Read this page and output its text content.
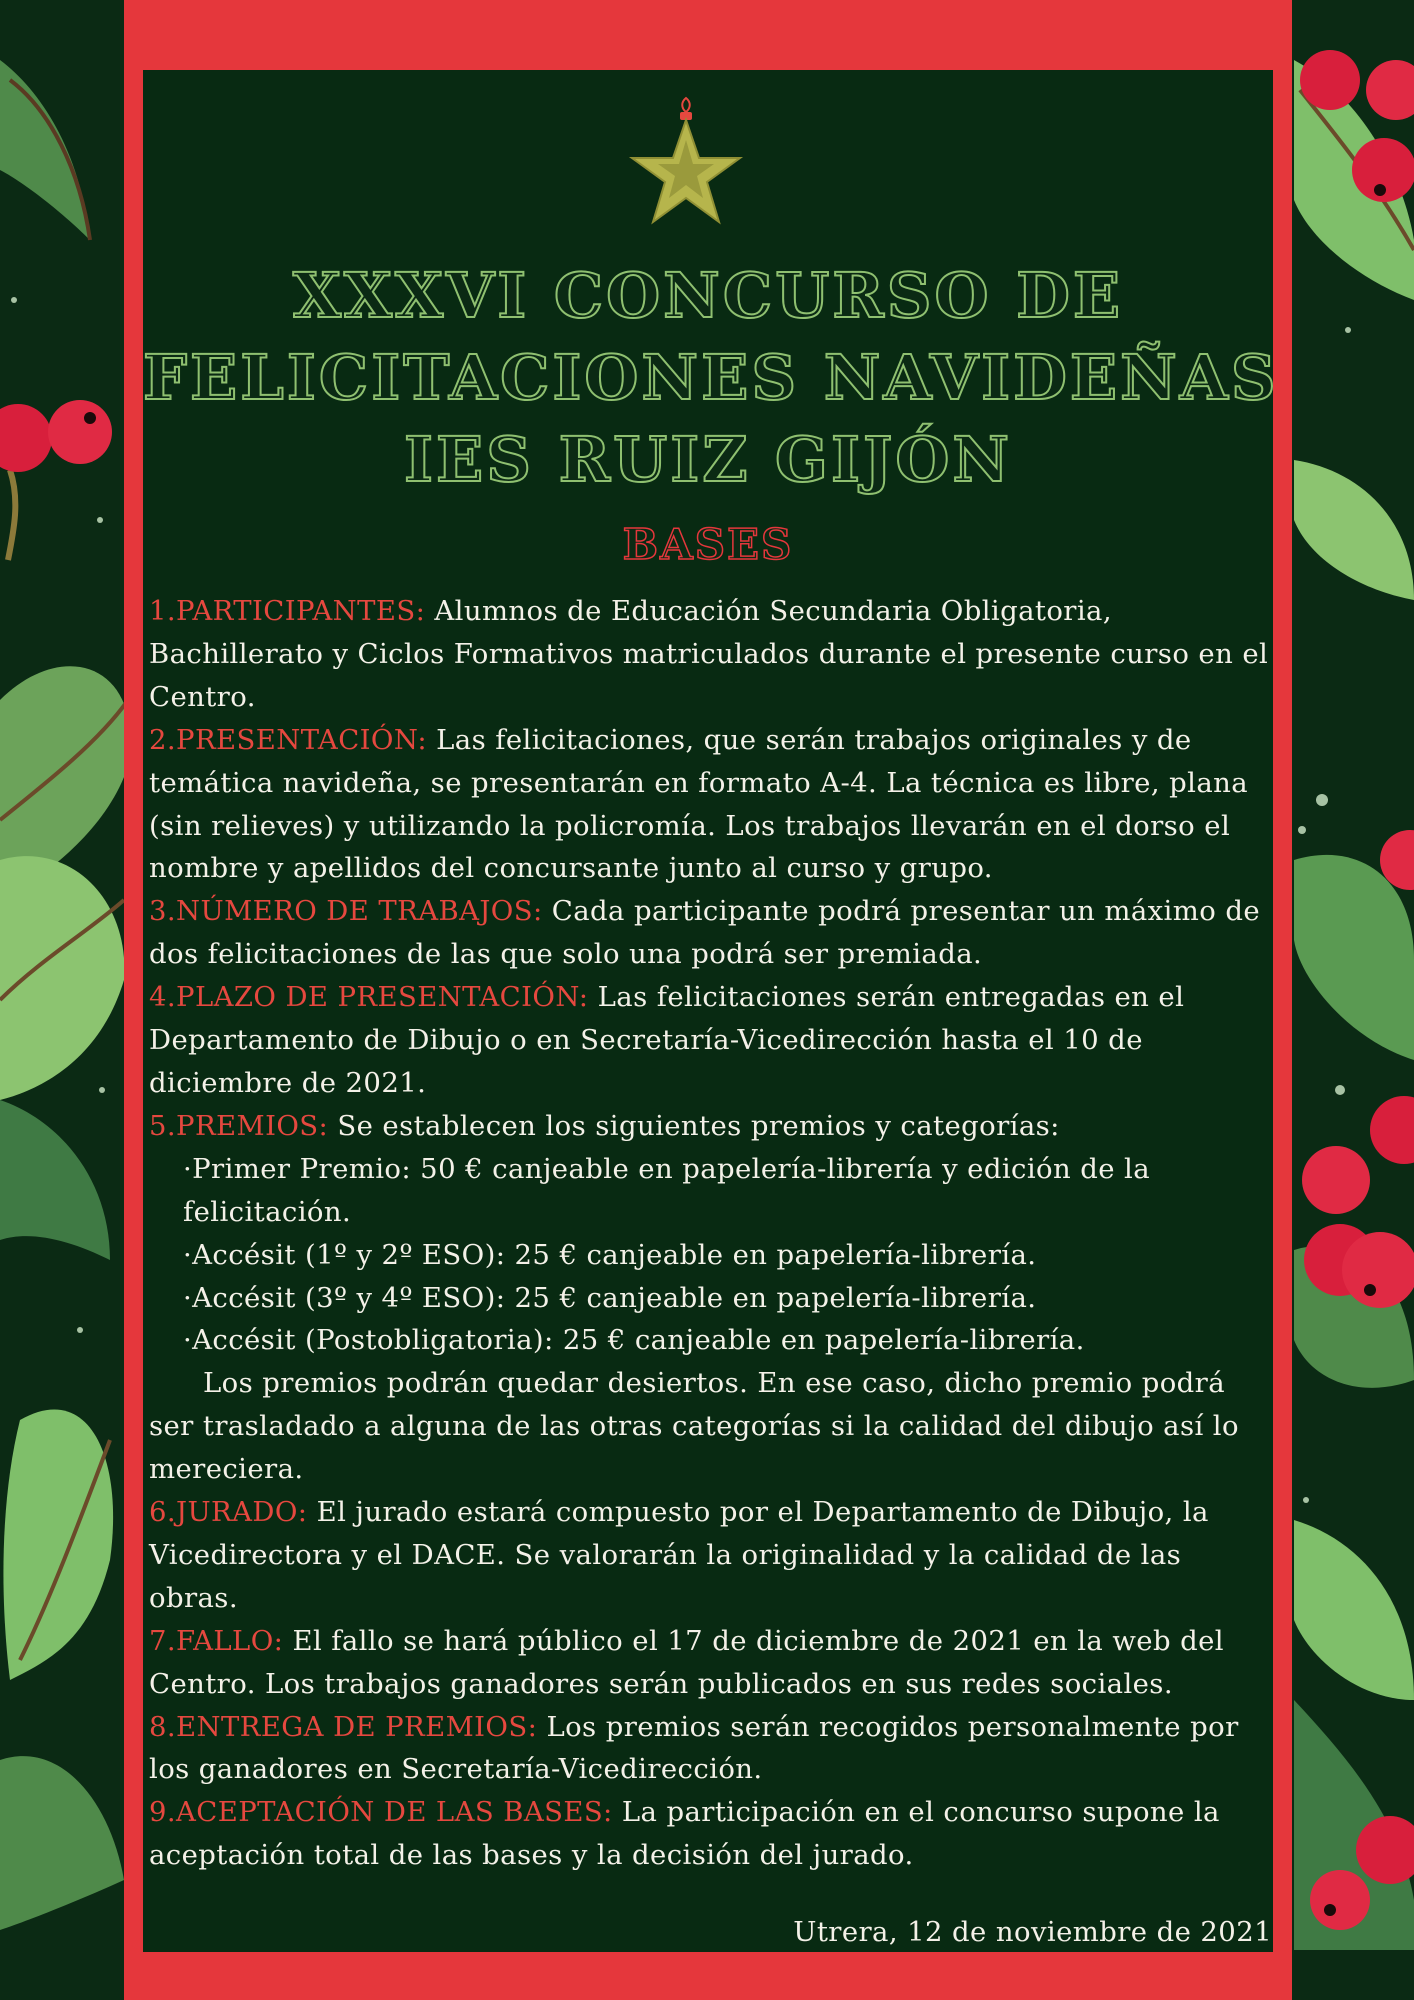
XXXVI CONCURSO DE
FELICITACIONES NAVIDEÑAS
IES RUIZ GIJÓN
BASES

1.PARTICIPANTES: Alumnos de Educación Secundaria Obligatoria, Bachillerato y Ciclos Formativos matriculados durante el presente curso en el Centro.

2.PRESENTACIÓN: Las felicitaciones, que serán trabajos originales y de temática navideña, se presentarán en formato A-4. La técnica es libre, plana (sin relieves) y utilizando la policromía. Los trabajos llevarán en el dorso el nombre y apellidos del concursante junto al curso y grupo.

3.NÚMERO DE TRABAJOS: Cada participante podrá presentar un máximo de dos felicitaciones de las que solo una podrá ser premiada.

4.PLAZO DE PRESENTACIÓN: Las felicitaciones serán entregadas en el Departamento de Dibujo o en Secretaría-Vicedirección hasta el 10 de diciembre de 2021.

5.PREMIOS: Se establecen los siguientes premios y categorías:

·Primer Premio: 50 € canjeable en papelería-librería y edición de la felicitación.

·Accésit (1º y 2º ESO): 25 € canjeable en papelería-librería.

·Accésit (3º y 4º ESO): 25 € canjeable en papelería-librería.

·Accésit (Postobligatoria): 25 € canjeable en papelería-librería.

Los premios podrán quedar desiertos. En ese caso, dicho premio podrá ser trasladado a alguna de las otras categorías si la calidad del dibujo así lo mereciera.

6.JURADO: El jurado estará compuesto por el Departamento de Dibujo, la Vicedirectora y el DACE. Se valorarán la originalidad y la calidad de las obras.

7.FALLO: El fallo se hará público el 17 de diciembre de 2021 en la web del Centro. Los trabajos ganadores serán publicados en sus redes sociales.

8.ENTREGA DE PREMIOS: Los premios serán recogidos personalmente por los ganadores en Secretaría-Vicedirección.

9.ACEPTACIÓN DE LAS BASES: La participación en el concurso supone la aceptación total de las bases y la decisión del jurado.

Utrera, 12 de noviembre de 2021
